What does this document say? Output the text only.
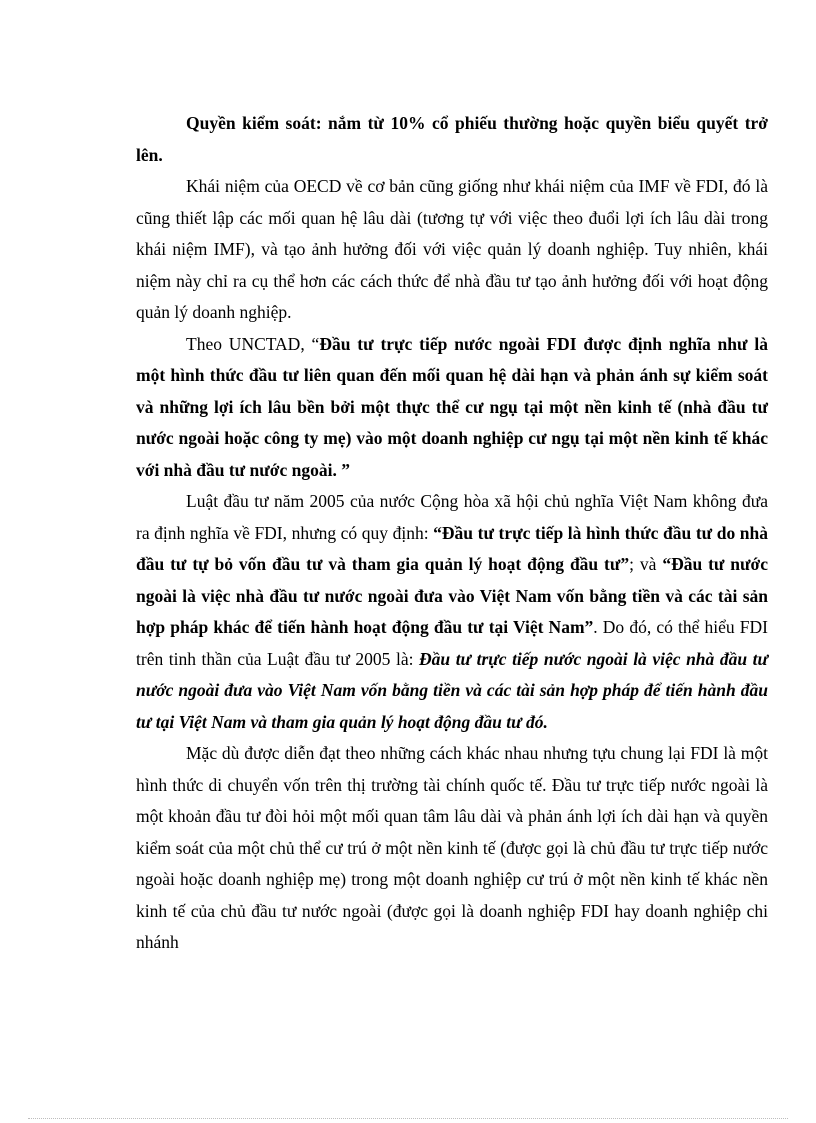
Quyền kiểm soát: nắm từ 10% cổ phiếu thường hoặc quyền biểu quyết trở lên.

Khái niệm của OECD về cơ bản cũng giống như khái niệm của IMF về FDI, đó là cũng thiết lập các mối quan hệ lâu dài (tương tự với việc theo đuổi lợi ích lâu dài trong khái niệm IMF), và tạo ảnh hưởng đối với việc quản lý doanh nghiệp. Tuy nhiên, khái niệm này chỉ ra cụ thể hơn các cách thức để nhà đầu tư tạo ảnh hưởng đối với hoạt động quản lý doanh nghiệp.

Theo UNCTAD, “Đầu tư trực tiếp nước ngoài FDI được định nghĩa như là một hình thức đầu tư liên quan đến mối quan hệ dài hạn và phản ánh sự kiểm soát và những lợi ích lâu bền bởi một thực thể cư ngụ tại một nền kinh tế (nhà đầu tư nước ngoài hoặc công ty mẹ) vào một doanh nghiệp cư ngụ tại một nền kinh tế khác với nhà đầu tư nước ngoài. ”

Luật đầu tư năm 2005 của nước Cộng hòa xã hội chủ nghĩa Việt Nam không đưa ra định nghĩa về FDI, nhưng có quy định: “Đầu tư trực tiếp là hình thức đầu tư do nhà đầu tư tự bỏ vốn đầu tư và tham gia quản lý hoạt động đầu tư”; và “Đầu tư nước ngoài là việc nhà đầu tư nước ngoài đưa vào Việt Nam vốn bằng tiền và các tài sản hợp pháp khác để tiến hành hoạt động đầu tư tại Việt Nam”. Do đó, có thể hiểu FDI trên tinh thần của Luật đầu tư 2005 là: Đầu tư trực tiếp nước ngoài là việc nhà đầu tư nước ngoài đưa vào Việt Nam vốn bằng tiền và các tài sản hợp pháp để tiến hành đầu tư tại Việt Nam và tham gia quản lý hoạt động đầu tư đó.

Mặc dù được diễn đạt theo những cách khác nhau nhưng tựu chung lại FDI là một hình thức di chuyển vốn trên thị trường tài chính quốc tế. Đầu tư trực tiếp nước ngoài là một khoản đầu tư đòi hỏi một mối quan tâm lâu dài và phản ánh lợi ích dài hạn và quyền kiểm soát của một chủ thể cư trú ở một nền kinh tế (được gọi là chủ đầu tư trực tiếp nước ngoài hoặc doanh nghiệp mẹ) trong một doanh nghiệp cư trú ở một nền kinh tế khác nền kinh tế của chủ đầu tư nước ngoài (được gọi là doanh nghiệp FDI hay doanh nghiệp chi nhánh
